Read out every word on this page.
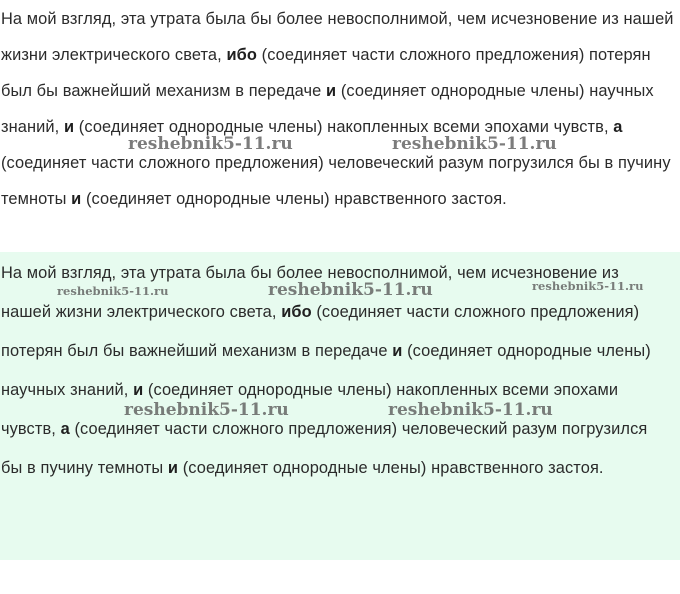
На мой взгляд, эта утрата была бы более невосполнимой, чем исчезновение из нашей жизни электрического света, ибо (соединяет части сложного предложения) потерян был бы важнейший механизм в передаче и (соединяет однородные члены) научных знаний, и (соединяет однородные члены) накопленных всеми эпохами чувств, а (соединяет части сложного предложения) человеческий разум погрузился бы в пучину темноты и (соединяет однородные члены) нравственного застоя.

На мой взгляд, эта утрата была бы более невосполнимой, чем исчезновение из нашей жизни электрического света, ибо (соединяет части сложного предложения) потерян был бы важнейший механизм в передаче и (соединяет однородные члены) научных знаний, и (соединяет однородные члены) накопленных всеми эпохами чувств, а (соединяет части сложного предложения) человеческий разум погрузился бы в пучину темноты и (соединяет однородные члены) нравственного застоя.

reshebnik5-11.ru	reshebnik5-11.ru
reshebnik5-11.ru	reshebnik5-11.ru	reshebnik5-11.ru
reshebnik5-11.ru	reshebnik5-11.ru
